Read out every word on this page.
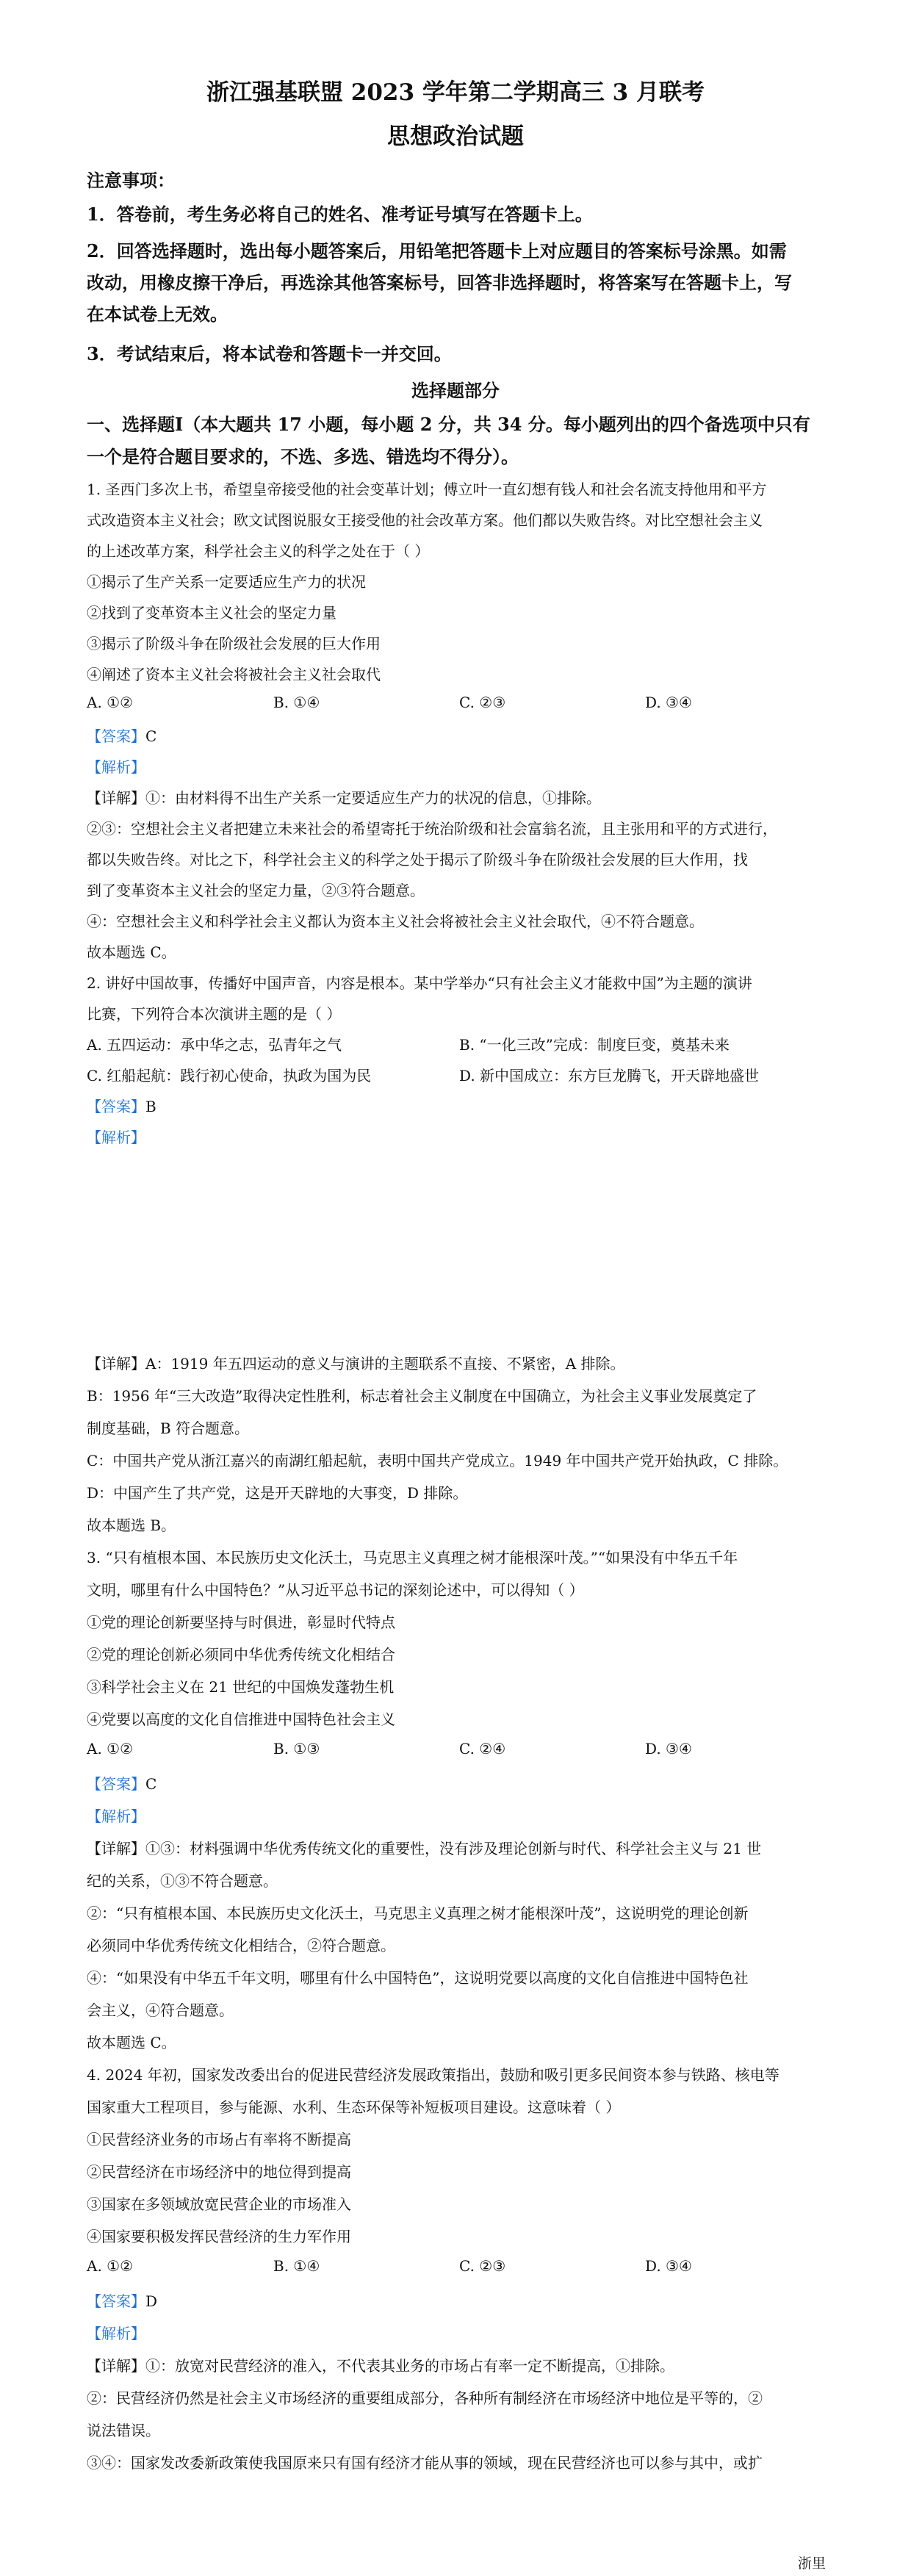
浙江强基联盟 2023 学年第二学期高三 3 月联考
思想政治试题
注意事项：
1．答卷前，考生务必将自己的姓名、准考证号填写在答题卡上。
2．回答选择题时，选出每小题答案后，用铅笔把答题卡上对应题目的答案标号涂黑。如需
改动，用橡皮擦干净后，再选涂其他答案标号，回答非选择题时，将答案写在答题卡上，写
在本试卷上无效。
3．考试结束后，将本试卷和答题卡一并交回。
选择题部分
一、选择题Ⅰ（本大题共 17 小题，每小题 2 分，共 34 分。每小题列出的四个备选项中只有
一个是符合题目要求的，不选、多选、错选均不得分）。
1. 圣西门多次上书，希望皇帝接受他的社会变革计划；傅立叶一直幻想有钱人和社会名流支持他用和平方
式改造资本主义社会；欧文试图说服女王接受他的社会改革方案。他们都以失败告终。对比空想社会主义
的上述改革方案，科学社会主义的科学之处在于（ ）
①揭示了生产关系一定要适应生产力的状况
②找到了变革资本主义社会的坚定力量
③揭示了阶级斗争在阶级社会发展的巨大作用
④阐述了资本主义社会将被社会主义社会取代
A. ①②	B. ①④	C. ②③	D. ③④
【答案】C
【解析】
【详解】①：由材料得不出生产关系一定要适应生产力的状况的信息，①排除。
②③：空想社会主义者把建立未来社会的希望寄托于统治阶级和社会富翁名流，且主张用和平的方式进行，
都以失败告终。对比之下，科学社会主义的科学之处于揭示了阶级斗争在阶级社会发展的巨大作用，找
到了变革资本主义社会的坚定力量，②③符合题意。
④：空想社会主义和科学社会主义都认为资本主义社会将被社会主义社会取代，④不符合题意。
故本题选 C。
2. 讲好中国故事，传播好中国声音，内容是根本。某中学举办“只有社会主义才能救中国”为主题的演讲
比赛，下列符合本次演讲主题的是（ ）
A. 五四运动：承中华之志，弘青年之气	B. “一化三改”完成：制度巨变，奠基未来
C. 红船起航：践行初心使命，执政为国为民	D. 新中国成立：东方巨龙腾飞，开天辟地盛世
【答案】B
【解析】
【详解】A：1919 年五四运动的意义与演讲的主题联系不直接、不紧密，A 排除。
B：1956 年“三大改造”取得决定性胜利，标志着社会主义制度在中国确立，为社会主义事业发展奠定了
制度基础，B 符合题意。
C：中国共产党从浙江嘉兴的南湖红船起航，表明中国共产党成立。1949 年中国共产党开始执政，C 排除。
D：中国产生了共产党，这是开天辟地的大事变，D 排除。
故本题选 B。
3. “只有植根本国、本民族历史文化沃土，马克思主义真理之树才能根深叶茂。”“如果没有中华五千年
文明，哪里有什么中国特色？”从习近平总书记的深刻论述中，可以得知（ ）
①党的理论创新要坚持与时俱进，彰显时代特点
②党的理论创新必须同中华优秀传统文化相结合
③科学社会主义在 21 世纪的中国焕发蓬勃生机
④党要以高度的文化自信推进中国特色社会主义
A. ①②	B. ①③	C. ②④	D. ③④
【答案】C
【解析】
【详解】①③：材料强调中华优秀传统文化的重要性，没有涉及理论创新与时代、科学社会主义与 21 世
纪的关系，①③不符合题意。
②：“只有植根本国、本民族历史文化沃土，马克思主义真理之树才能根深叶茂”，这说明党的理论创新
必须同中华优秀传统文化相结合，②符合题意。
④：“如果没有中华五千年文明，哪里有什么中国特色”，这说明党要以高度的文化自信推进中国特色社
会主义，④符合题意。
故本题选 C。
4. 2024 年初，国家发改委出台的促进民营经济发展政策指出，鼓励和吸引更多民间资本参与铁路、核电等
国家重大工程项目，参与能源、水利、生态环保等补短板项目建设。这意味着（ ）
①民营经济业务的市场占有率将不断提高
②民营经济在市场经济中的地位得到提高
③国家在多领域放宽民营企业的市场准入
④国家要积极发挥民营经济的生力军作用
A. ①②	B. ①④	C. ②③	D. ③④
【答案】D
【解析】
【详解】①：放宽对民营经济的准入，不代表其业务的市场占有率一定不断提高，①排除。
②：民营经济仍然是社会主义市场经济的重要组成部分，各种所有制经济在市场经济中地位是平等的，②
说法错误。
③④：国家发改委新政策使我国原来只有国有经济才能从事的领域，现在民营经济也可以参与其中，或扩
浙里
